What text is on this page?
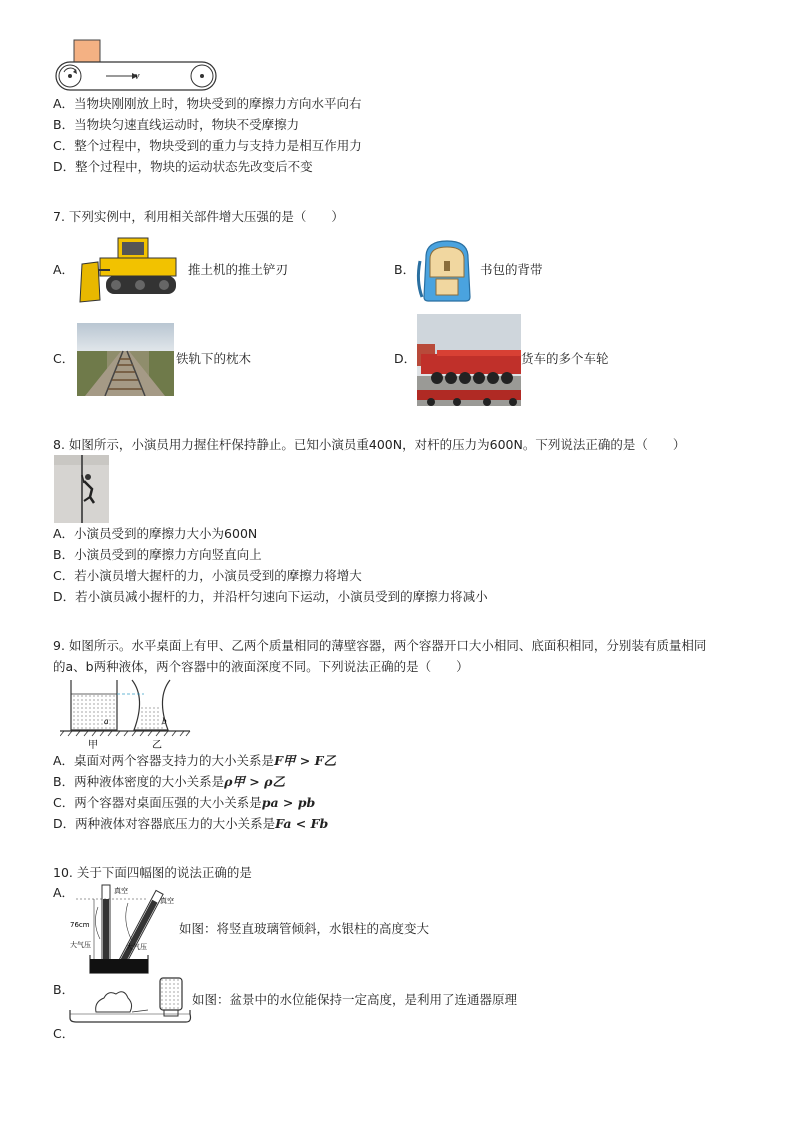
v
A．当物块刚刚放上时，物块受到的摩擦力方向水平向右
B．当物块匀速直线运动时，物块不受摩擦力
C．整个过程中，物块受到的重力与支持力是相互作用力
D．整个过程中，物块的运动状态先改变后不变
7. 下列实例中，利用相关部件增大压强的是（　　）
A．	推土机的推土铲刃	B．	书包的背带
C．	铁轨下的枕木	D．	货车的多个车轮
8. 如图所示，小演员用力握住杆保持静止。已知小演员重400N，对杆的压力为600N。下列说法正确的是（　　）
A．小演员受到的摩擦力大小为600N
B．小演员受到的摩擦力方向竖直向上
C．若小演员增大握杆的力，小演员受到的摩擦力将增大
D．若小演员减小握杆的力，并沿杆匀速向下运动，小演员受到的摩擦力将减小
9. 如图所示。水平桌面上有甲、乙两个质量相同的薄壁容器，两个容器开口大小相同、底面积相同，分别装有质量相同
的a、b两种液体，两个容器中的液面深度不同。下列说法正确的是（　　）
a	b
甲	乙
A．桌面对两个容器支持力的大小关系是F甲 > F乙
B．两种液体密度的大小关系是ρ甲 > ρ乙
C．两个容器对桌面压强的大小关系是pa > pb
D．两种液体对容器底压力的大小关系是Fa < Fb
10. 关于下面四幅图的说法正确的是
A．	真空
真空
76cm
大气压	大气压
如图：将竖直玻璃管倾斜，水银柱的高度变大
B．
如图：盆景中的水位能保持一定高度，是利用了连通器原理
C．
